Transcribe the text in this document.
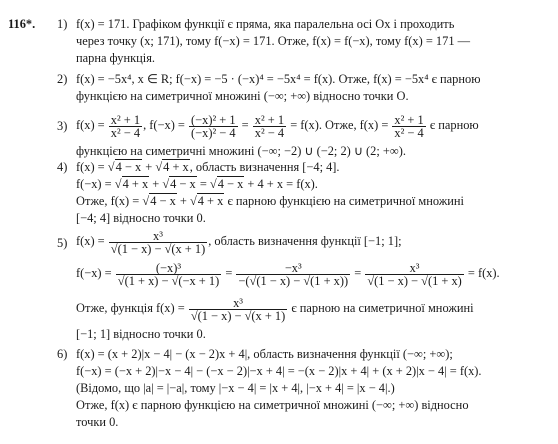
116*. 1) f(x) = 171. Графіком функції є пряма, яка паралельна осі Ox і проходить
через точку (x; 171), тому f(−x) = 171. Отже, f(x) = f(−x), тому f(x) = 171 —
парна функція.
2) f(x) = −5x⁴, x ∈ R; f(−x) = −5 · (−x)⁴ = −5x⁴ = f(x). Отже, f(x) = −5x⁴ є парною
функцією на симетричної множині (−∞; +∞) відносно точки O.
3) $f(x) = \frac{\text{x² + 1}}{\text{x² − 4}}$ , $f(-x) = \frac{\text{(−x)² + 1}}{\text{(−x)² − 4}} = \frac{\text{x² + 1}}{\text{x² − 4}} = f(x)$. Отже, $f(x) = \frac{\text{x² + 1}}{\text{x² − 4}}$ є парною
функцією на симетричні множині (−∞; −2) ∪ (−2; 2) ∪ (2; +∞).
4) f(x) = √4 − x + √4 + x, область визначення [−4; 4].
f(−x) = √4 + x + √4 − x = √4 − x + 4 + x = f(x).
Отже, f(x) = √4 − x + √4 + x є парною функцією на симетричної множині
[−4; 4] відносно точки 0.
5) $f(x) = \frac{\text{x³}}{√(1 - x) - √(x + 1)}$ , область визначення функції [−1; 1];
$f(-x) = \frac{\text{(−x)³}}{√(1 + x) - √(-x + 1)} = \frac{\text{−x³}}{-(√(1 - x) - √(1 + x))} = \frac{\text{x³}}{√(1 - x) - √(1 + x)} = f(x)$.
Отже, функція $f(x) = \frac{\text{x³}}{√(1 - x) - √(x + 1)}$ є парною на симетричної множині
[−1; 1] відносно точки 0.
6) f(x) = (x + 2)|x − 4| − (x − 2)x + 4|, область визначення функції (−∞; +∞);
f(−x) = (−x + 2)|−x − 4| − (−x − 2)|−x + 4| = −(x − 2)|x + 4| + (x + 2)|x − 4| = f(x).
(Bідомо, що |a| = |−a|, тому |−x − 4| = |x + 4|, |−x + 4| = |x − 4|.)
Отже, f(x) є парною функцією на симетричної множині (−∞; +∞) відносно
точки 0.
